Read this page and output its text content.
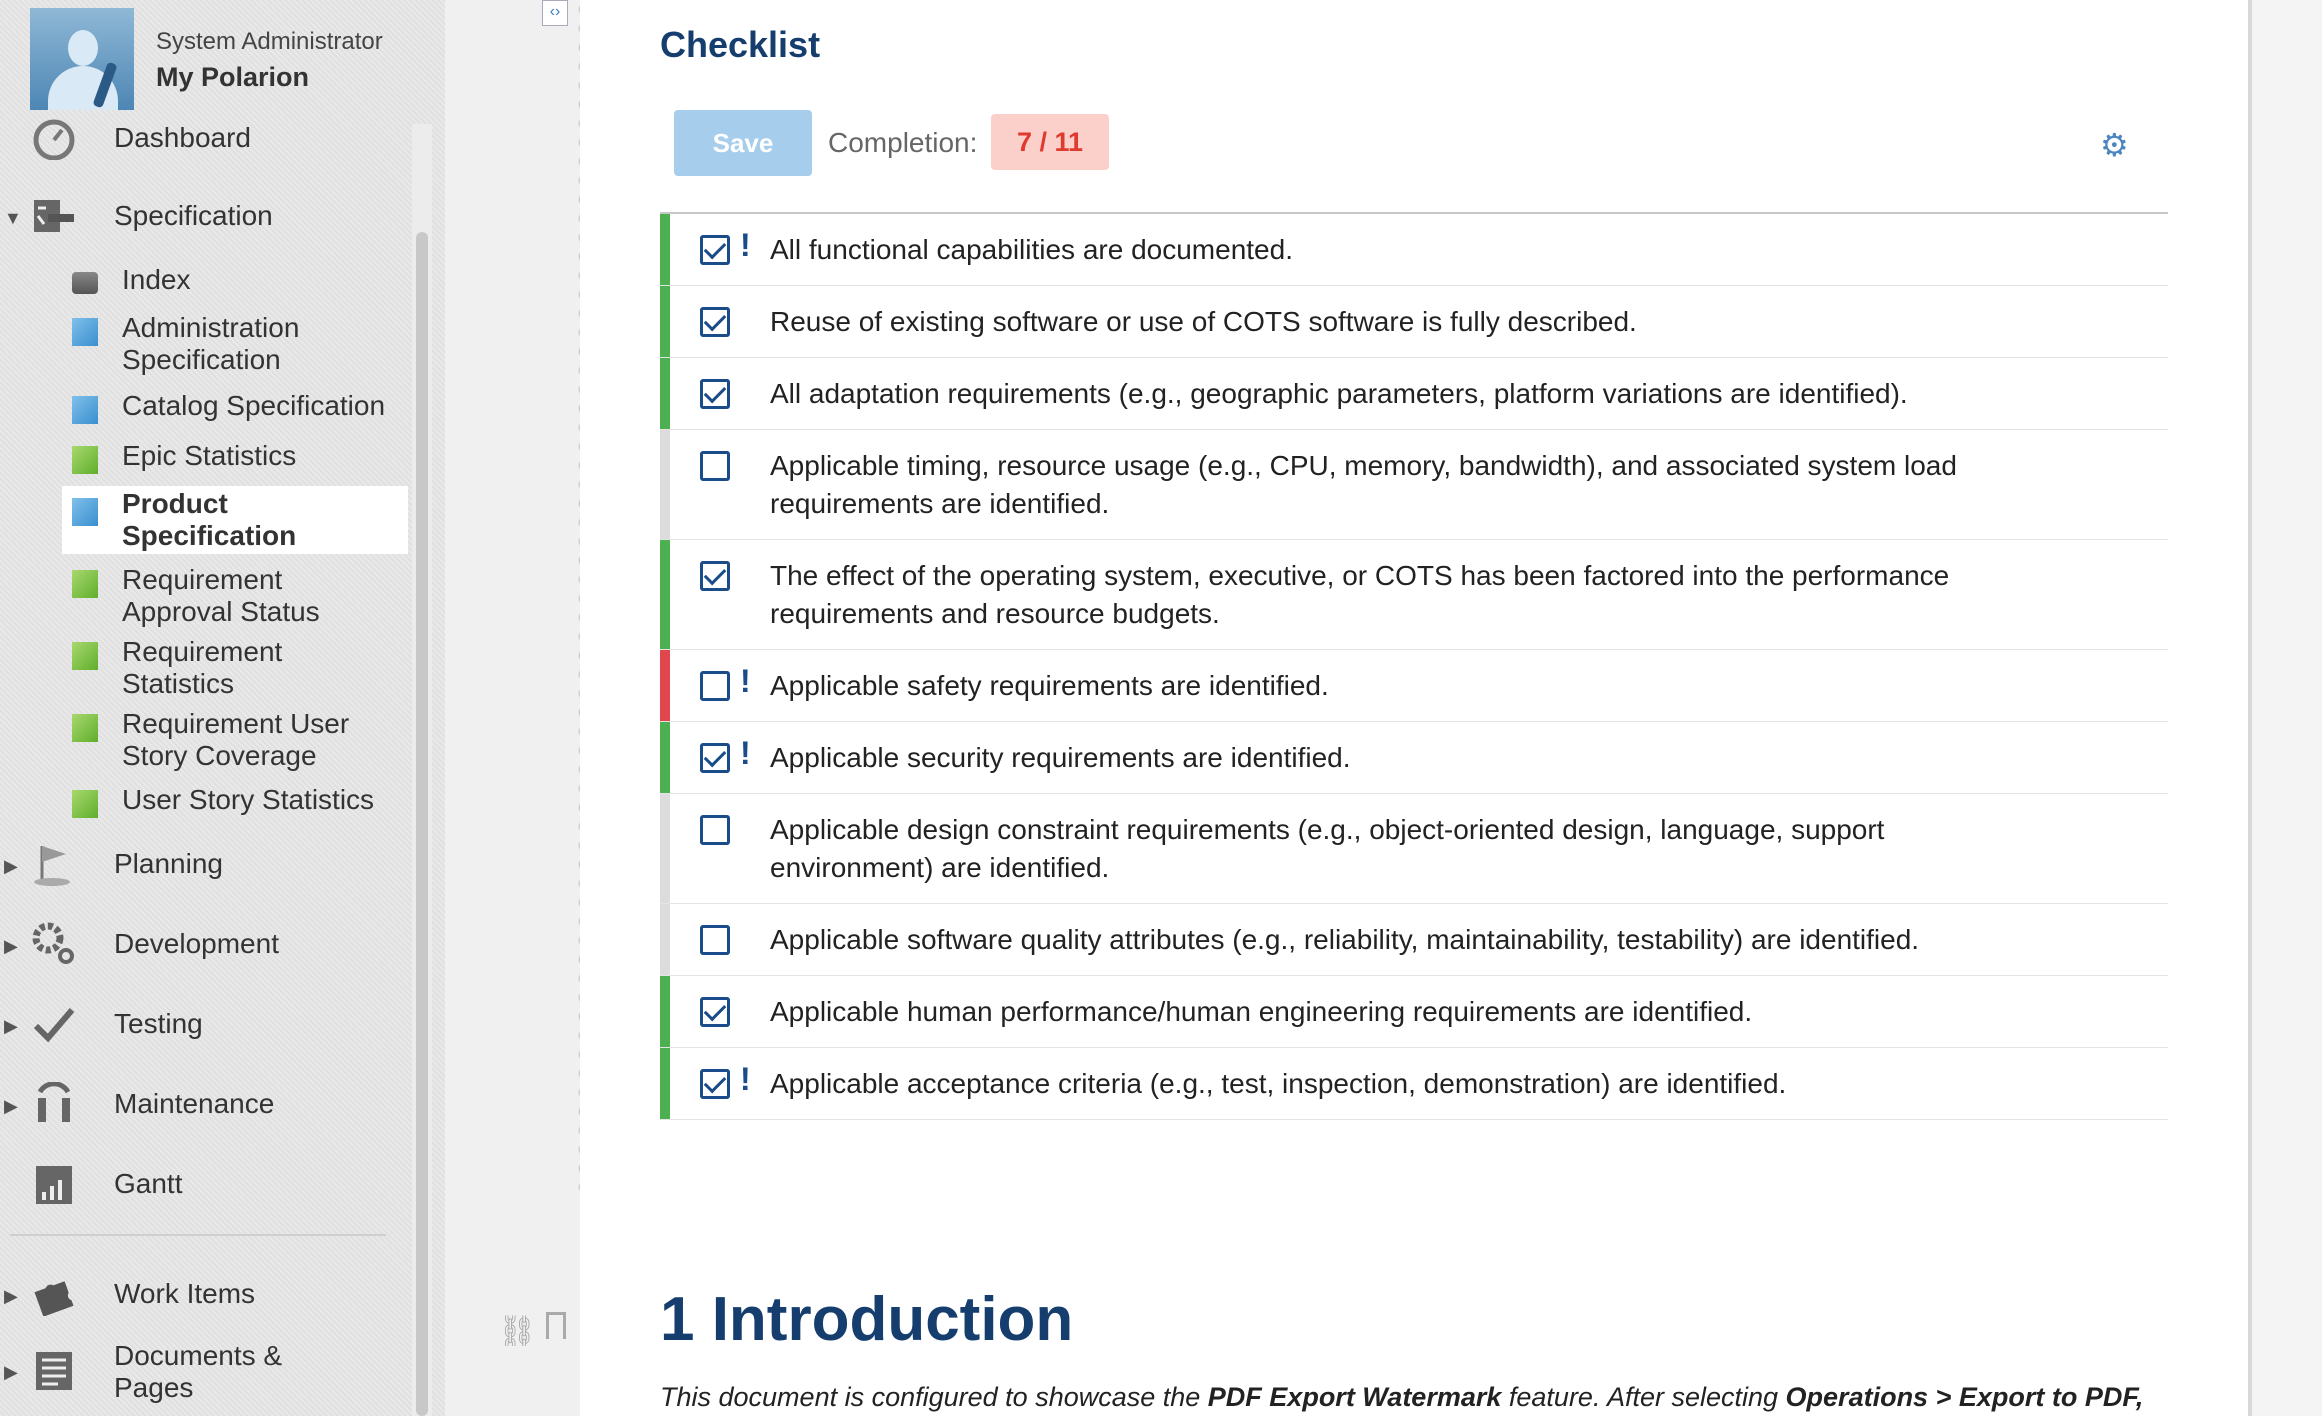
System Administrator
My Polarion
Dashboard
▼	Specification
Index
Administration Specification
Catalog Specification
Epic Statistics
Product Specification
Requirement Approval Status
Requirement Statistics
Requirement User Story Coverage
User Story Statistics
▶	Planning
▶	Development
▶	Testing
▶	Maintenance
Gantt
▶	Work Items
▶
Documents & Pages
‹›
⛓
Checklist
Save	Completion:	7 / 11	⚙
! All functional capabilities are documented.
Reuse of existing software or use of COTS software is fully described.
All adaptation requirements (e.g., geographic parameters, platform variations are identified).
Applicable timing, resource usage (e.g., CPU, memory, bandwidth), and associated system load requirements are identified.
The effect of the operating system, executive, or COTS has been factored into the performance requirements and resource budgets.
! Applicable safety requirements are identified.
! Applicable security requirements are identified.
Applicable design constraint requirements (e.g., object-oriented design, language, support environment) are identified.
Applicable software quality attributes (e.g., reliability, maintainability, testability) are identified.
Applicable human performance/human engineering requirements are identified.
! Applicable acceptance criteria (e.g., test, inspection, demonstration) are identified.
1 Introduction
This document is configured to showcase the PDF Export Watermark feature. After selecting Operations > Export to PDF,
